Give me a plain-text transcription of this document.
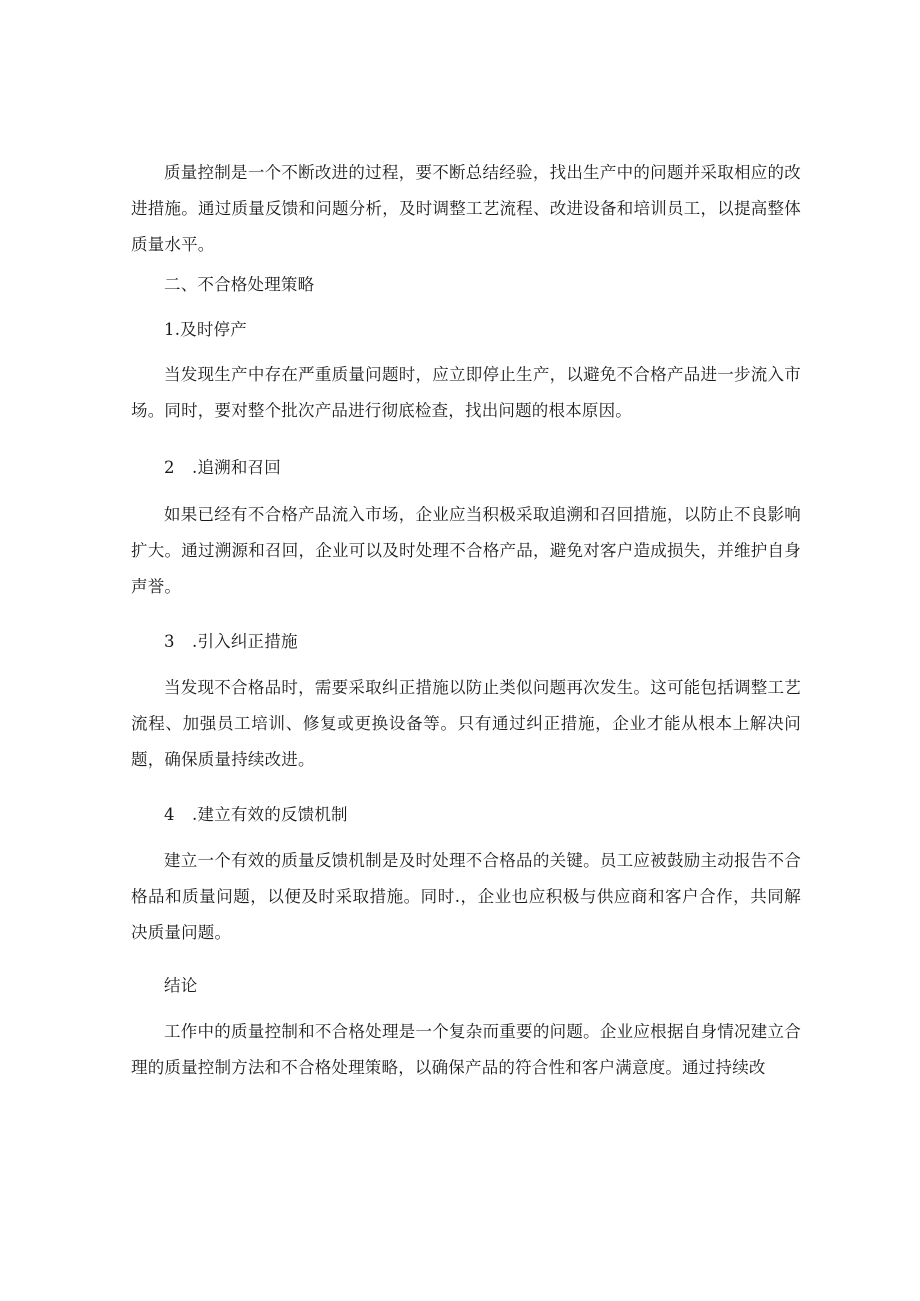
质量控制是一个不断改进的过程，要不断总结经验，找出生产中的问题并采取相应的改进措施。通过质量反馈和问题分析，及时调整工艺流程、改进设备和培训员工，以提高整体质量水平。

二、不合格处理策略
1.及时停产

当发现生产中存在严重质量问题时，应立即停止生产，以避免不合格产品进一步流入市场。同时，要对整个批次产品进行彻底检查，找出问题的根本原因。

2 .追溯和召回

如果已经有不合格产品流入市场，企业应当积极采取追溯和召回措施，以防止不良影响扩大。通过溯源和召回，企业可以及时处理不合格产品，避免对客户造成损失，并维护自身声誉。

3 .引入纠正措施

当发现不合格品时，需要采取纠正措施以防止类似问题再次发生。这可能包括调整工艺流程、加强员工培训、修复或更换设备等。只有通过纠正措施，企业才能从根本上解决问题，确保质量持续改进。

4 .建立有效的反馈机制

建立一个有效的质量反馈机制是及时处理不合格品的关键。员工应被鼓励主动报告不合格品和质量问题，以便及时采取措施。同时.，企业也应积极与供应商和客户合作，共同解决质量问题。

结论

工作中的质量控制和不合格处理是一个复杂而重要的问题。企业应根据自身情况建立合理的质量控制方法和不合格处理策略，以确保产品的符合性和客户满意度。通过持续改
